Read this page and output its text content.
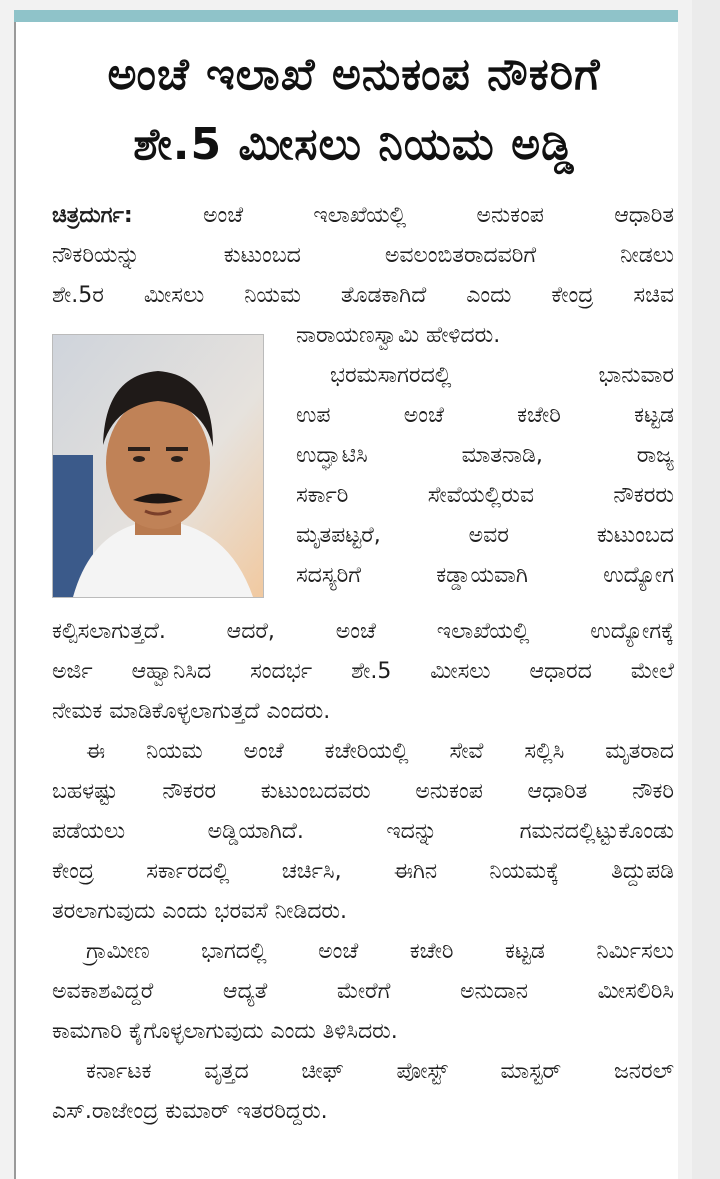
ಅಂಚೆ ಇಲಾಖೆ ಅನುಕಂಪ ನೌಕರಿಗೆ
ಶೇ.5 ಮೀಸಲು ನಿಯಮ ಅಡ್ಡಿ
ಚಿತ್ರದುರ್ಗ: ಅಂಚೆ ಇಲಾಖೆಯಲ್ಲಿ ಅನುಕಂಪ ಆಧಾರಿತ
ನೌಕರಿಯನ್ನು ಕುಟುಂಬದ ಅವಲಂಬಿತರಾದವರಿಗೆ ನೀಡಲು
ಶೇ.5ರ ಮೀಸಲು ನಿಯಮ ತೊಡಕಾಗಿದೆ ಎಂದು ಕೇಂದ್ರ ಸಚಿವ
ನಾರಾಯಣಸ್ವಾಮಿ ಹೇಳಿದರು.
ಭರಮಸಾಗರದಲ್ಲಿ ಭಾನುವಾರ
ಉಪ ಅಂಚೆ ಕಚೇರಿ ಕಟ್ಟಡ
ಉದ್ಘಾಟಿಸಿ ಮಾತನಾಡಿ, ರಾಜ್ಯ
ಸರ್ಕಾರಿ ಸೇವೆಯಲ್ಲಿರುವ ನೌಕರರು
ಮೃತಪಟ್ಟರೆ, ಅವರ ಕುಟುಂಬದ
ಸದಸ್ಯರಿಗೆ ಕಡ್ಡಾಯವಾಗಿ ಉದ್ಯೋಗ
ಕಲ್ಪಿಸಲಾಗುತ್ತದೆ. ಆದರೆ, ಅಂಚೆ ಇಲಾಖೆಯಲ್ಲಿ ಉದ್ಯೋಗಕ್ಕೆ
ಅರ್ಜಿ ಆಹ್ವಾನಿಸಿದ ಸಂದರ್ಭ ಶೇ.5 ಮೀಸಲು ಆಧಾರದ ಮೇಲೆ
ನೇಮಕ ಮಾಡಿಕೊಳ್ಳಲಾಗುತ್ತದೆ ಎಂದರು.
ಈ ನಿಯಮ ಅಂಚೆ ಕಚೇರಿಯಲ್ಲಿ ಸೇವೆ ಸಲ್ಲಿಸಿ ಮೃತರಾದ
ಬಹಳಷ್ಟು ನೌಕರರ ಕುಟುಂಬದವರು ಅನುಕಂಪ ಆಧಾರಿತ ನೌಕರಿ
ಪಡೆಯಲು ಅಡ್ಡಿಯಾಗಿದೆ. ಇದನ್ನು ಗಮನದಲ್ಲಿಟ್ಟುಕೊಂಡು
ಕೇಂದ್ರ ಸರ್ಕಾರದಲ್ಲಿ ಚರ್ಚಿಸಿ, ಈಗಿನ ನಿಯಮಕ್ಕೆ ತಿದ್ದುಪಡಿ
ತರಲಾಗುವುದು ಎಂದು ಭರವಸೆ ನೀಡಿದರು.
ಗ್ರಾಮೀಣ ಭಾಗದಲ್ಲಿ ಅಂಚೆ ಕಚೇರಿ ಕಟ್ಟಡ ನಿರ್ಮಿಸಲು
ಅವಕಾಶವಿದ್ದರೆ ಆದ್ಯತೆ ಮೇರೆಗೆ ಅನುದಾನ ಮೀಸಲಿರಿಸಿ
ಕಾಮಗಾರಿ ಕೈಗೊಳ್ಳಲಾಗುವುದು ಎಂದು ತಿಳಿಸಿದರು.
ಕರ್ನಾಟಕ ವೃತ್ತದ ಚೀಫ್ ಪೋಸ್ಟ್ ಮಾಸ್ಟರ್ ಜನರಲ್
ಎಸ್.ರಾಜೇಂದ್ರ ಕುಮಾರ್ ಇತರರಿದ್ದರು.
